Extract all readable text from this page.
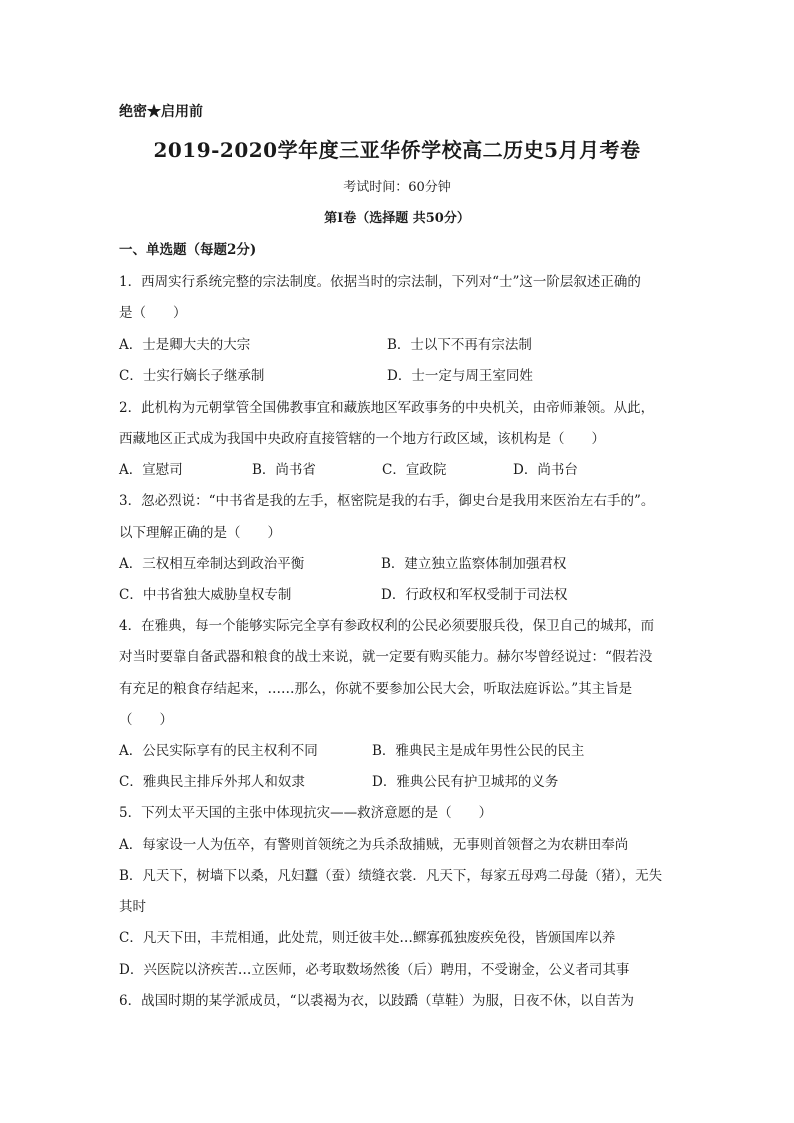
绝密★启用前
2019-2020学年度三亚华侨学校高二历史5月月考卷
考试时间：60分钟
第I卷（选择题 共50分）
一、单选题（每题2分)
1．西周实行系统完整的宗法制度。依据当时的宗法制，下列对“士”这一阶层叙述正确的
是（　　）
A．士是卿大夫的大宗	B．士以下不再有宗法制
C．士实行嫡长子继承制	D．士一定与周王室同姓
2．此机构为元朝掌管全国佛教事宜和藏族地区军政事务的中央机关，由帝师兼领。从此，
西藏地区正式成为我国中央政府直接管辖的一个地方行政区域，该机构是（　　）
A．宣慰司	B．尚书省	C．宣政院	D．尚书台
3．忽必烈说：“中书省是我的左手，枢密院是我的右手，御史台是我用来医治左右手的”。
以下理解正确的是（　　）
A．三权相互牵制达到政治平衡	B．建立独立监察体制加强君权
C．中书省独大威胁皇权专制	D．行政权和军权受制于司法权
4．在雅典，每一个能够实际完全享有参政权利的公民必须要服兵役，保卫自己的城邦，而
对当时要靠自备武器和粮食的战士来说，就一定要有购买能力。赫尔岑曾经说过：“假若没
有充足的粮食存结起来，……那么，你就不要参加公民大会，听取法庭诉讼。”其主旨是
（　　）
A．公民实际享有的民主权利不同	B．雅典民主是成年男性公民的民主
C．雅典民主排斥外邦人和奴隶	D．雅典公民有护卫城邦的义务
5．下列太平天国的主张中体现抗灾——救济意愿的是（　　）
A．每家设一人为伍卒，有警则首领统之为兵杀敌捕贼，无事则首领督之为农耕田奉尚
B．凡天下，树墙下以桑，凡妇蠶（蚕）绩缝衣裳．凡天下，每家五母鸡二母彘（猪），无失
其时
C．凡天下田，丰荒相通，此处荒，则迁彼丰处…鳏寡孤独废疾免役，皆颁国库以养
D．兴医院以济疾苦…立医师，必考取数场然後（后）聘用，不受谢金，公义者司其事
6．战国时期的某学派成员，“以裘褐为衣，以跂蹻（草鞋）为服，日夜不休，以自苦为
